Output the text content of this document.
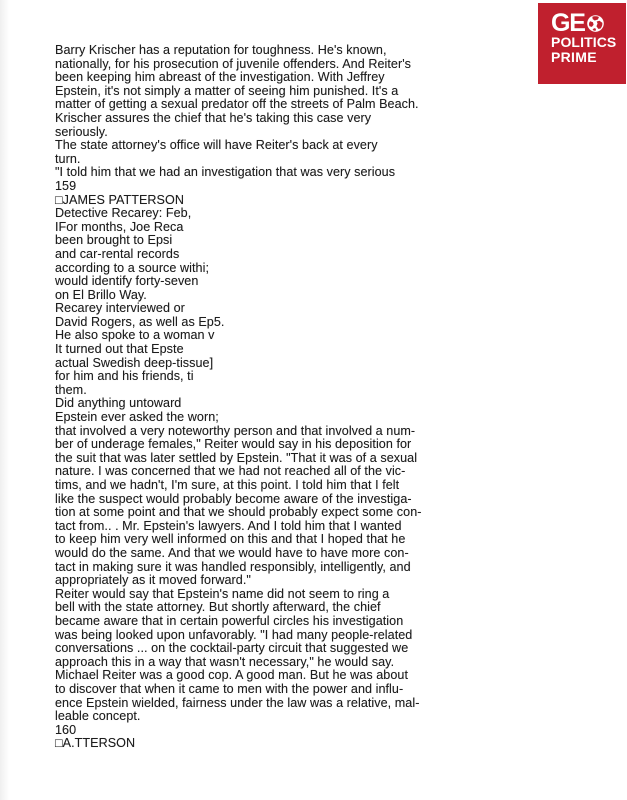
Barry Krischer has a reputation for toughness. He's known,
nationally, for his prosecution of juvenile offenders. And Reiter's
been keeping him abreast of the investigation. With Jeffrey
Epstein, it's not simply a matter of seeing him punished. It's a
matter of getting a sexual predator off the streets of Palm Beach.
Krischer assures the chief that he's taking this case very
seriously.
The state attorney's office will have Reiter's back at every
turn.
"I told him that we had an investigation that was very serious
159
□JAMES PATTERSON
Detective Recarey: Feb,
IFor months, Joe Reca
been brought to Epsi
and car-rental records
according to a source withi;
would identify forty-seven
on El Brillo Way.
Recarey interviewed or
David Rogers, as well as Ep5.
He also spoke to a woman v
It turned out that Epste
actual Swedish deep-tissue]
for him and his friends, ti
them.
Did anything untoward
Epstein ever asked the worn;
that involved a very noteworthy person and that involved a num-
ber of underage females," Reiter would say in his deposition for
the suit that was later settled by Epstein. "That it was of a sexual
nature. I was concerned that we had not reached all of the vic-
tims, and we hadn't, I'm sure, at this point. I told him that I felt
like the suspect would probably become aware of the investiga-
tion at some point and that we should probably expect some con-
tact from.. . Mr. Epstein's lawyers. And I told him that I wanted
to keep him very well informed on this and that I hoped that he
would do the same. And that we would have to have more con-
tact in making sure it was handled responsibly, intelligently, and
appropriately as it moved forward."
Reiter would say that Epstein's name did not seem to ring a
bell with the state attorney. But shortly afterward, the chief
became aware that in certain powerful circles his investigation
was being looked upon unfavorably. "I had many people-related
conversations ... on the cocktail-party circuit that suggested we
approach this in a way that wasn't necessary," he would say.
Michael Reiter was a good cop. A good man. But he was about
to discover that when it came to men with the power and influ-
ence Epstein wielded, fairness under the law was a relative, mal-
leable concept.
160
□A.TTERSON
GE
POLITICS
PRIME
